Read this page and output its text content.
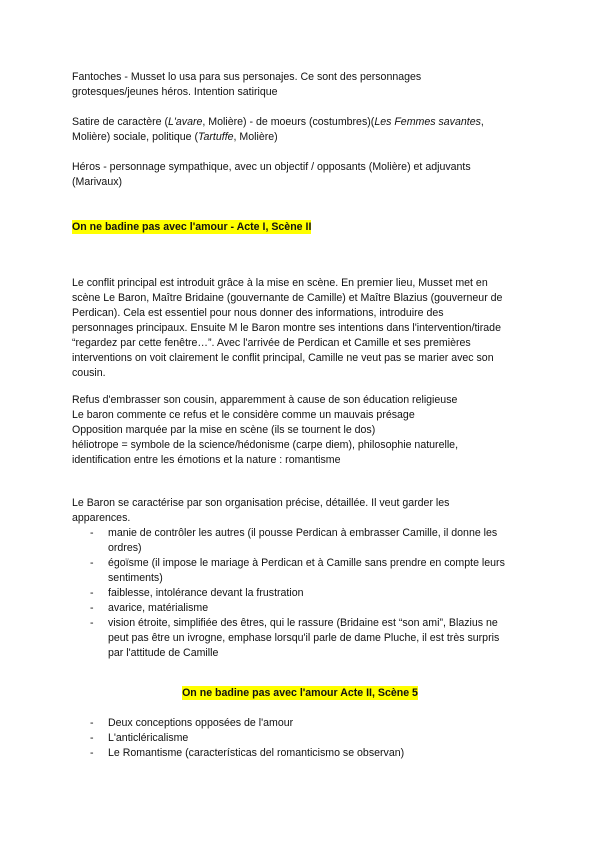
Fantoches - Musset lo usa para sus personajes. Ce sont des personnages
grotesques/jeunes héros. Intention satirique
Satire de caractère (L'avare, Molière) - de moeurs (costumbres)(Les Femmes savantes,
Molière) sociale, politique (Tartuffe, Molière)
Héros - personnage sympathique, avec un objectif / opposants (Molière) et adjuvants
(Marivaux)
On ne badine pas avec l'amour - Acte I, Scène II
Le conflit principal est introduit grâce à la mise en scène. En premier lieu, Musset met en
scène Le Baron, Maître Bridaine (gouvernante de Camille) et Maître Blazius (gouverneur de
Perdican). Cela est essentiel pour nous donner des informations, introduire des
personnages principaux. Ensuite M le Baron montre ses intentions dans l'intervention/tirade
“regardez par cette fenêtre…”. Avec l'arrivée de Perdican et Camille et ses premières
interventions on voit clairement le conflit principal, Camille ne veut pas se marier avec son
cousin.
Refus d'embrasser son cousin, apparemment à cause de son éducation religieuse
Le baron commente ce refus et le considère comme un mauvais présage
Opposition marquée par la mise en scène (ils se tournent le dos)
héliotrope = symbole de la science/hédonisme (carpe diem), philosophie naturelle,
identification entre les émotions et la nature : romantisme
Le Baron se caractérise par son organisation précise, détaillée. Il veut garder les
apparences.
- manie de contrôler les autres (il pousse Perdican à embrasser Camille, il donne les
ordres)
- égoïsme (il impose le mariage à Perdican et à Camille sans prendre en compte leurs
sentiments)
- faiblesse, intolérance devant la frustration
- avarice, matérialisme
- vision étroite, simplifiée des êtres, qui le rassure (Bridaine est “son ami”, Blazius ne
peut pas être un ivrogne, emphase lorsqu'il parle de dame Pluche, il est très surpris
par l'attitude de Camille
On ne badine pas avec l'amour Acte II, Scène 5
- Deux conceptions opposées de l'amour
- L'anticléricalisme
- Le Romantisme (características del romanticismo se observan)
